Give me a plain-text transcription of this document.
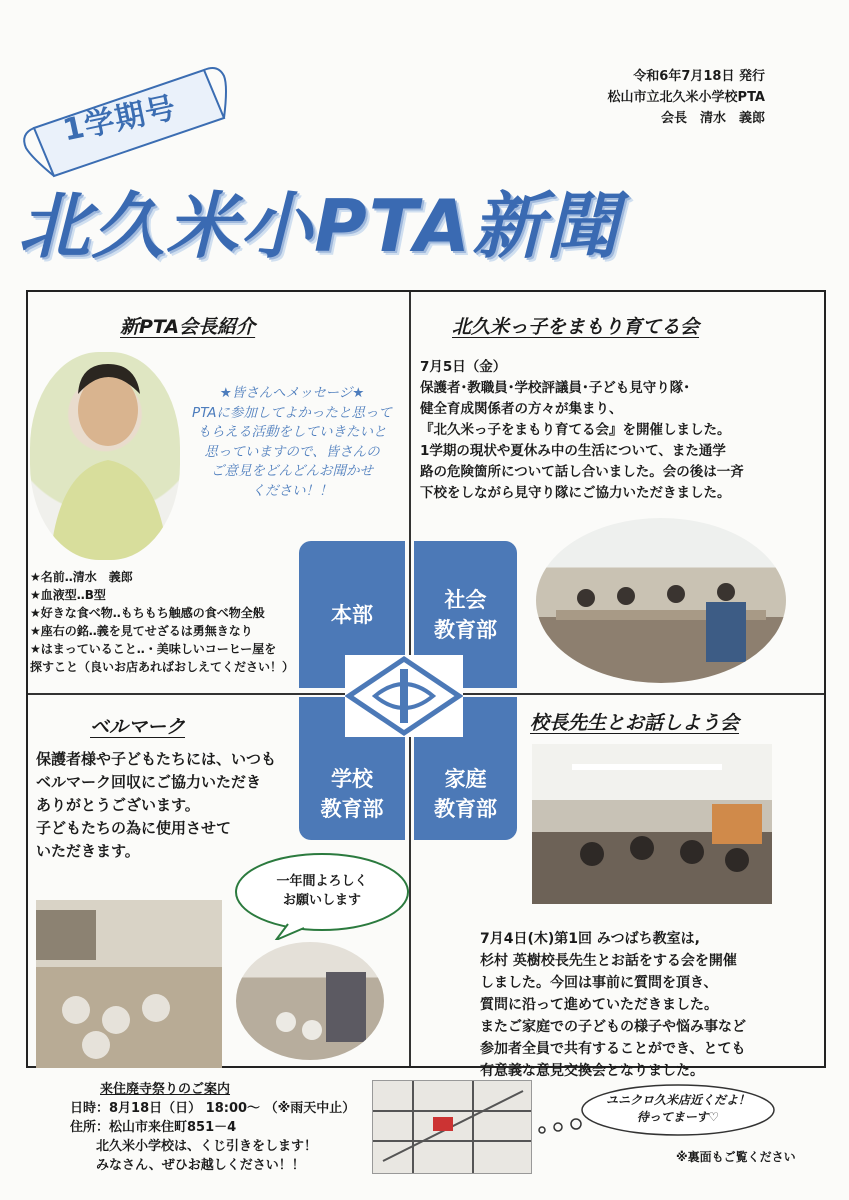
令和6年7月18日 発行
松山市立北久米小学校PTA
会長　清水　義郎
1学期号
北久米小PTA新聞
新PTA会長紹介
★皆さんへメッセージ★
PTAに参加してよかったと思って
もらえる活動をしていきたいと
思っていますので、皆さんの
ご意見をどんどんお聞かせ
ください！！
★名前‥清水　義郎
★血液型‥B型
★好きな食べ物‥もちもち触感の食べ物全般
★座右の銘‥義を見てせざるは勇無きなり
★はまっていること‥・美味しいコーヒー屋を
探すこと（良いお店あればおしえてください！）
北久米っ子をまもり育てる会
7月5日（金）
保護者･教職員･学校評議員･子ども見守り隊･
健全育成関係者の方々が集まり、
『北久米っ子をまもり育てる会』を開催しました。
1学期の現状や夏休み中の生活について、また通学
路の危険箇所について話し合いました。会の後は一斉
下校をしながら見守り隊にご協力いただきました。
本部
社会
教育部
学校
教育部
家庭
教育部
ベルマーク
保護者様や子どもたちには、いつも
ベルマーク回収にご協力いただき
ありがとうございます。
子どもたちの為に使用させて
いただきます。
一年間よろしく
お願いします
校長先生とお話しよう会
7月4日(木)第1回 みつばち教室は,
杉村 英樹校長先生とお話をする会を開催
しました。今回は事前に質問を頂き、
質問に沿って進めていただきました。
またご家庭での子どもの様子や悩み事など
参加者全員で共有することができ、とても
有意義な意見交換会となりました。
来住廃寺祭りのご案内
日時：8月18日（日） 18:00～ （※雨天中止）
住所：松山市来住町851－4
　　北久米小学校は、くじ引きをします！
　　みなさん、ぜひお越しください！！
ユニクロ久米店近くだよ！
待ってまーす♡
※裏面もご覧ください
